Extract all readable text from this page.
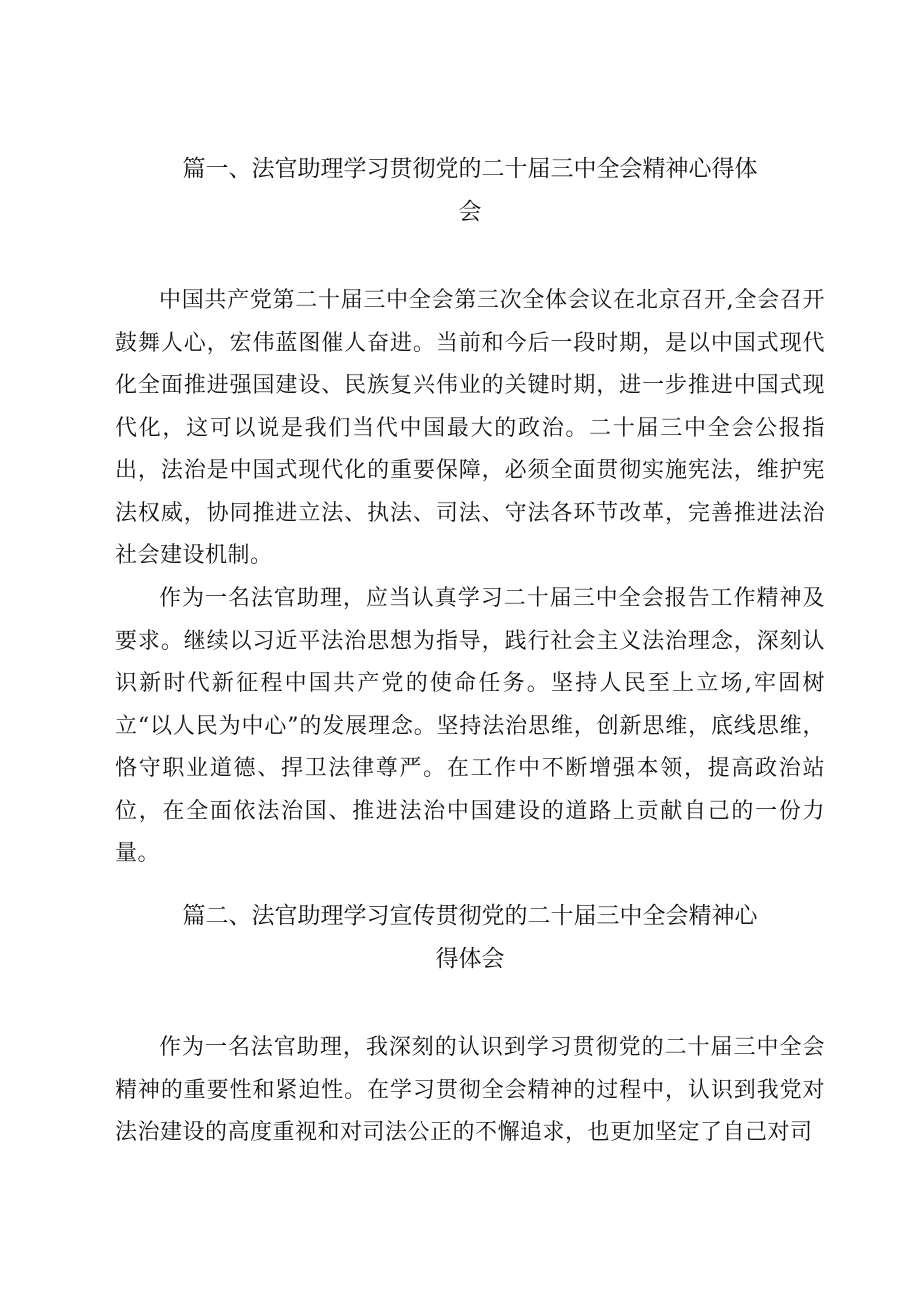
篇一、法官助理学习贯彻党的二十届三中全会精神心得体
会

中国共产党第二十届三中全会第三次全体会议在北京召开,全会召开鼓舞人心，宏伟蓝图催人奋进。当前和今后一段时期，是以中国式现代化全面推进强国建设、民族复兴伟业的关键时期，进一步推进中国式现代化，这可以说是我们当代中国最大的政治。二十届三中全会公报指出，法治是中国式现代化的重要保障，必须全面贯彻实施宪法，维护宪法权威，协同推进立法、执法、司法、守法各环节改革，完善推进法治社会建设机制。

作为一名法官助理，应当认真学习二十届三中全会报告工作精神及要求。继续以习近平法治思想为指导，践行社会主义法治理念，深刻认识新时代新征程中国共产党的使命任务。坚持人民至上立场,牢固树立“以人民为中心”的发展理念。坚持法治思维，创新思维，底线思维，恪守职业道德、捍卫法律尊严。在工作中不断增强本领，提高政治站位，在全面依法治国、推进法治中国建设的道路上贡献自己的一份力量。

篇二、法官助理学习宣传贯彻党的二十届三中全会精神心
得体会

作为一名法官助理，我深刻的认识到学习贯彻党的二十届三中全会精神的重要性和紧迫性。在学习贯彻全会精神的过程中，认识到我党对法治建设的高度重视和对司法公正的不懈追求，也更加坚定了自己对司
